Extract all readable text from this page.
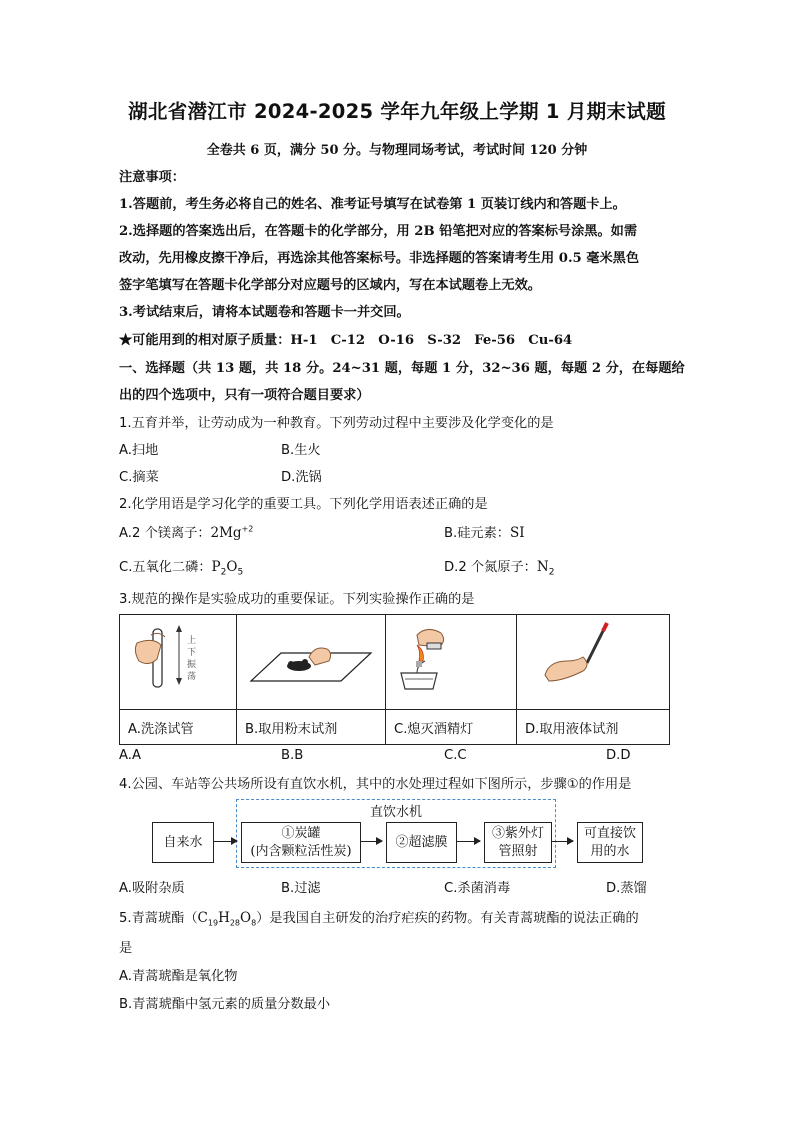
湖北省潜江市 2024-2025 学年九年级上学期 1 月期末试题
全卷共 6 页，满分 50 分。与物理同场考试，考试时间 120 分钟
注意事项：
1.答题前，考生务必将自己的姓名、准考证号填写在试卷第 1 页装订线内和答题卡上。
2.选择题的答案选出后，在答题卡的化学部分，用 2B 铅笔把对应的答案标号涂黑。如需
改动，先用橡皮擦干净后，再选涂其他答案标号。非选择题的答案请考生用 0.5 毫米黑色
签字笔填写在答题卡化学部分对应题号的区域内，写在本试题卷上无效。
3.考试结束后，请将本试题卷和答题卡一并交回。
★可能用到的相对原子质量：H-1　C-12　O-16　S-32　Fe-56　Cu-64
一、选择题（共 13 题，共 18 分。24~31 题，每题 1 分，32~36 题，每题 2 分，在每题给
出的四个选项中，只有一项符合题目要求）
1.五育并举，让劳动成为一种教育。下列劳动过程中主要涉及化学变化的是
A.扫地	B.生火
C.摘菜	D.洗锅
2.化学用语是学习化学的重要工具。下列化学用语表述正确的是
A.2 个镁离子：$2Mg^{+2}$	B.硅元素：SI
C.五氧化二磷：$P_2O_5$	D.2 个氮原子：$N_2$
3.规范的操作是实验成功的重要保证。下列实验操作正确的是
上
下
振
荡

A.洗涤试管	B.取用粉末试剂	C.熄灭酒精灯	D.取用液体试剂
A.A	B.B	C.C	D.D
4.公园、车站等公共场所设有直饮水机，其中的水处理过程如下图所示，步骤①的作用是
直饮水机
自来水
①炭罐
(内含颗粒活性炭)
②超滤膜
③紫外灯
管照射
可直接饮
用的水
A.吸附杂质	B.过滤	C.杀菌消毒	D.蒸馏
5.青蒿琥酯$(C_{19}H_{28}O_8)$是我国自主研发的治疗疟疾的药物。有关青蒿琥酯的说法正确的
是
A.青蒿琥酯是氧化物
B.青蒿琥酯中氢元素的质量分数最小
